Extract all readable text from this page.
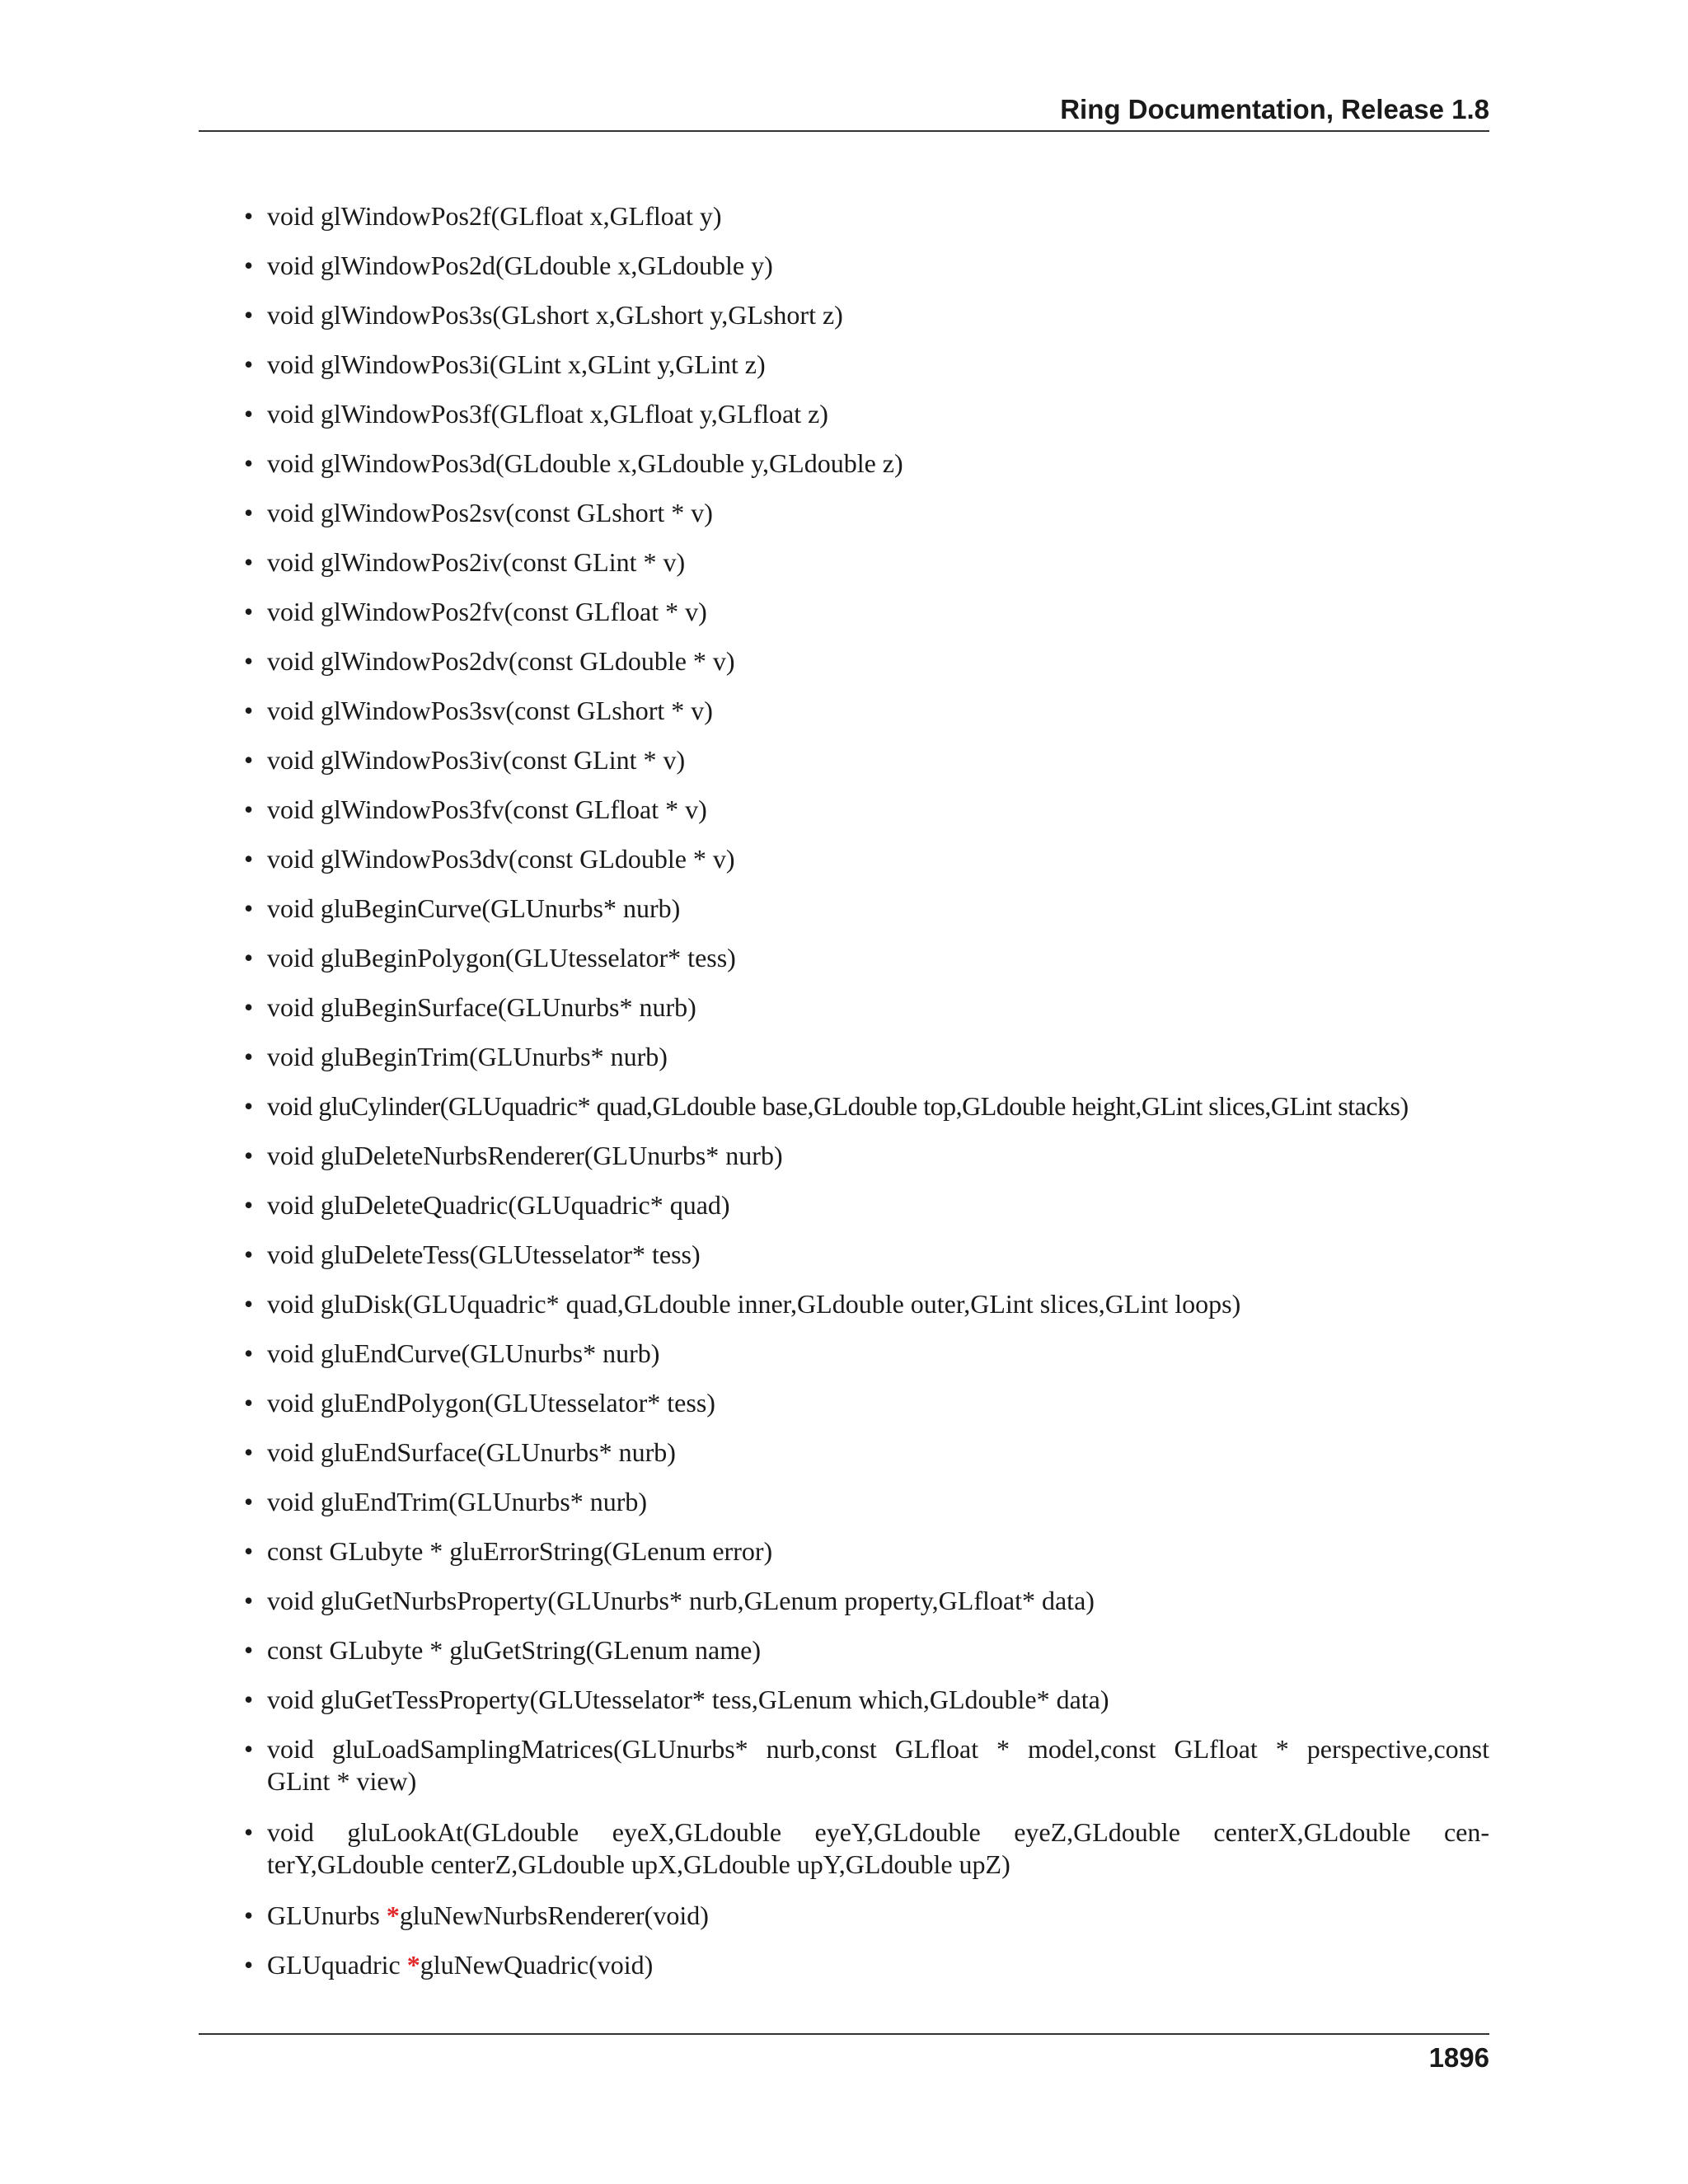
Ring Documentation, Release 1.8
• void glWindowPos2f(GLfloat x,GLfloat y)
• void glWindowPos2d(GLdouble x,GLdouble y)
• void glWindowPos3s(GLshort x,GLshort y,GLshort z)
• void glWindowPos3i(GLint x,GLint y,GLint z)
• void glWindowPos3f(GLfloat x,GLfloat y,GLfloat z)
• void glWindowPos3d(GLdouble x,GLdouble y,GLdouble z)
• void glWindowPos2sv(const GLshort * v)
• void glWindowPos2iv(const GLint * v)
• void glWindowPos2fv(const GLfloat * v)
• void glWindowPos2dv(const GLdouble * v)
• void glWindowPos3sv(const GLshort * v)
• void glWindowPos3iv(const GLint * v)
• void glWindowPos3fv(const GLfloat * v)
• void glWindowPos3dv(const GLdouble * v)
• void gluBeginCurve(GLUnurbs* nurb)
• void gluBeginPolygon(GLUtesselator* tess)
• void gluBeginSurface(GLUnurbs* nurb)
• void gluBeginTrim(GLUnurbs* nurb)
• void gluCylinder(GLUquadric* quad,GLdouble base,GLdouble top,GLdouble height,GLint slices,GLint stacks)
• void gluDeleteNurbsRenderer(GLUnurbs* nurb)
• void gluDeleteQuadric(GLUquadric* quad)
• void gluDeleteTess(GLUtesselator* tess)
• void gluDisk(GLUquadric* quad,GLdouble inner,GLdouble outer,GLint slices,GLint loops)
• void gluEndCurve(GLUnurbs* nurb)
• void gluEndPolygon(GLUtesselator* tess)
• void gluEndSurface(GLUnurbs* nurb)
• void gluEndTrim(GLUnurbs* nurb)
• const GLubyte * gluErrorString(GLenum error)
• void gluGetNurbsProperty(GLUnurbs* nurb,GLenum property,GLfloat* data)
• const GLubyte * gluGetString(GLenum name)
• void gluGetTessProperty(GLUtesselator* tess,GLenum which,GLdouble* data)
• void gluLoadSamplingMatrices(GLUnurbs* nurb,const GLfloat * model,const GLfloat * perspective,const
GLint * view)
• void gluLookAt(GLdouble eyeX,GLdouble eyeY,GLdouble eyeZ,GLdouble centerX,GLdouble cen-
terY,GLdouble centerZ,GLdouble upX,GLdouble upY,GLdouble upZ)
• GLUnurbs *gluNewNurbsRenderer(void)
• GLUquadric *gluNewQuadric(void)
1896
